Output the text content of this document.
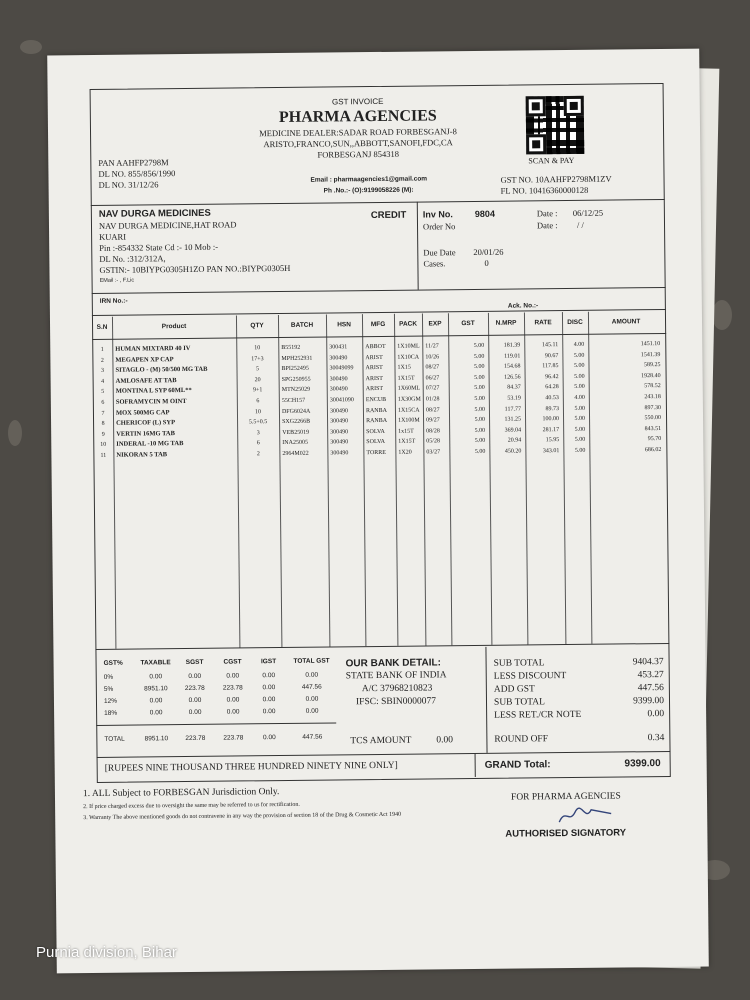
GST INVOICE
PHARMA AGENCIES
MEDICINE DEALER:SADAR ROAD FORBESGANJ-8
ARISTO,FRANCO,SUN,,ABBOTT,SANOFI,FDC,CA
FORBESGANJ 854318
Email : pharmaagencies1@gmail.com
Ph .No.:- (O):9199058226 (M):
PAN AAHFP2798M
DL NO. 855/856/1990
DL NO. 31/12/26
SCAN & PAY
GST NO. 10AAHFP2798M1ZV
FL NO. 10416360000128
NAV DURGA MEDICINES
NAV DURGA MEDICINE,HAT ROAD
KUARI
Pin :-854332 State Cd :- 10 Mob :-
DL No. :312/312A,
GSTIN:- 10BIYPG0305H1ZO PAN NO.:BIYPG0305H
EMail :- , F.Lic
CREDIT Inv No. 9804	Date : 06/12/25
Order No	Date : / /
Due Date 20/01/26
Cases.	0
IRN No.:-
Ack. No.:-
S.N	Product	QTY	BATCH	HSN	MFG	PACK	EXP	GST	N.MRP	RATE	DISC	AMOUNT
1	HUMAN MIXTARD 40 IV	10	B55192	300431	ABBOT	1X10ML 11/27	5.00	181.39	145.11	4.00	1451.10
2	MEGAPEN XP CAP	17+3	MPH252931	300490	ARIST	1X10CA	10/26	5.00	119.01	90.67	5.00	1541.39
3	SITAGLO - (M) 50/500 MG TAB	5	BPI252495	30049099	ARIST	1X15	08/27	5.00	154.68	117.85	5.00	589.25
4	AMLOSAFE AT TAB	20	SPG250955	300490	ARIST	1X15T	06/27	5.00	126.56	96.42	5.00	1928.40
5	MONTINA L SYP 60ML**	9+1	MTN25029	300490	ARIST	1X60ML 07/27	5.00	84.37	64.28	5.00	578.52
6	SOFRAMYCIN M OINT	6	55CH157	30041090	ENCUB	1X30GM 01/28	5.00	53.19	40.53	4.00	243.18
7	MOX 500MG CAP	10	DFG6024A	300490	RANBA	1X15CA	08/27	5.00	117.77	89.73	5.00	897.30
8	CHERICOF (L) SYP	5.5+0.5	SXG2266B	300490	RANBA	1X100M	09/27	5.00	131.25	100.00	5.00	550.00
9	VERTIN 16MG TAB	3	VEB25019	300490	SOLVA	1x15T	08/28	5.00	369.04	281.17	5.00	843.51
10	INDERAL -10 MG TAB	6	INA25005	300490	SOLVA	1X15T	05/28	5.00	20.94	15.95	5.00	95.70
11	NIKORAN 5 TAB	2	2964M022	300490	TORRE	1X20	03/27	5.00	450.20	343.01	5.00	686.02
GST%	TAXABLE	SGST	CGST	IGST	TOTAL GST
0%	0.00	0.00	0.00	0.00	0.00
5%	8951.10	223.78	223.78	0.00	447.56
12%	0.00	0.00	0.00	0.00	0.00
18%	0.00	0.00	0.00	0.00	0.00
TOTAL	8951.10	223.78	223.78	0.00	447.56
OUR BANK DETAIL:
STATE BANK OF INDIA
A/C 37968210823
IFSC: SBIN0000077
TCS AMOUNT	0.00
SUB TOTAL	9404.37
LESS DISCOUNT	453.27
ADD GST	447.56
SUB TOTAL	9399.00
LESS RET./CR NOTE	0.00
ROUND OFF	0.34
[RUPEES NINE THOUSAND THREE HUNDRED NINETY NINE ONLY]	GRAND Total:	9399.00
1. ALL Subject to FORBESGAN Jurisdiction Only.
2. If price charged excess due to oversight the same may be referred to us for rectification.
3. Warranty The above mentioned goods do not contravene in any way the provision of section 18 of the Drug & Cosmetic Act 1940
FOR PHARMA AGENCIES
AUTHORISED SIGNATORY
Purnia division, Bihar
